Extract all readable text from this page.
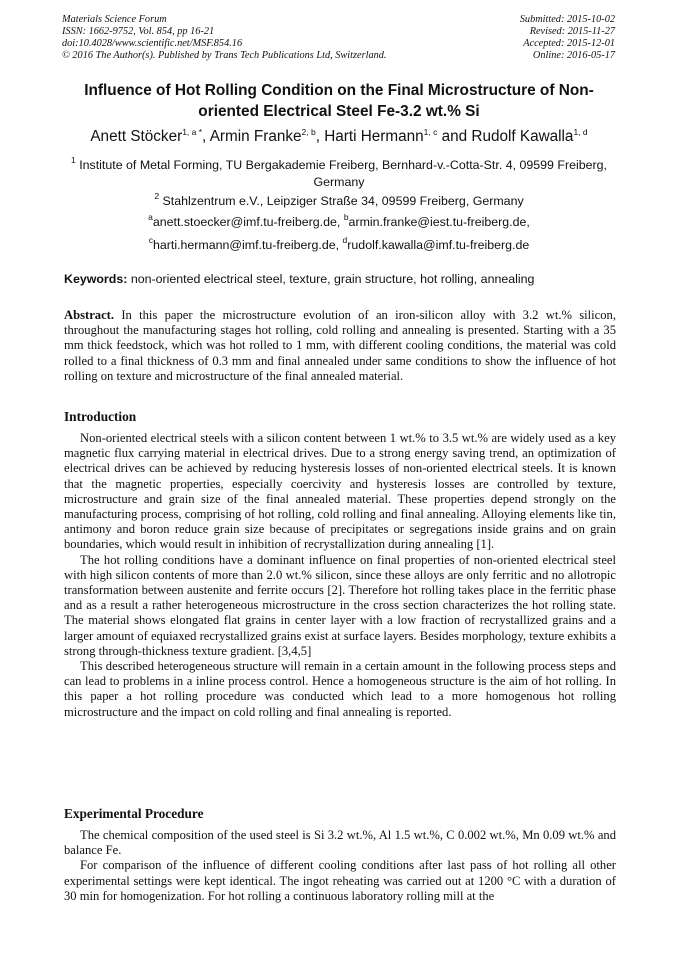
Materials Science Forum
ISSN: 1662-9752, Vol. 854, pp 16-21
doi:10.4028/www.scientific.net/MSF.854.16
© 2016 The Author(s). Published by Trans Tech Publications Ltd, Switzerland.
Submitted: 2015-10-02
Revised: 2015-11-27
Accepted: 2015-12-01
Online: 2016-05-17
Influence of Hot Rolling Condition on the Final Microstructure of Non-oriented Electrical Steel Fe-3.2 wt.% Si
Anett Stöcker$^{1, a *}$, Armin Franke$^{2, b}$, Harti Hermann$^{1, c}$ and Rudolf Kawalla$^{1, d}$
$^1$ Institute of Metal Forming, TU Bergakademie Freiberg, Bernhard-v.-Cotta-Str. 4, 09599 Freiberg, Germany
$^2$ Stahlzentrum e.V., Leipziger Straße 34, 09599 Freiberg, Germany
$^a$anett.stoecker@imf.tu-freiberg.de, $^b$armin.franke@iest.tu-freiberg.de,
$^c$harti.hermann@imf.tu-freiberg.de, $^d$rudolf.kawalla@imf.tu-freiberg.de
Keywords: non-oriented electrical steel, texture, grain structure, hot rolling, annealing
Abstract. In this paper the microstructure evolution of an iron-silicon alloy with 3.2 wt.% silicon, throughout the manufacturing stages hot rolling, cold rolling and annealing is presented. Starting with a 35 mm thick feedstock, which was hot rolled to 1 mm, with different cooling conditions, the material was cold rolled to a final thickness of 0.3 mm and final annealed under same conditions to show the influence of hot rolling on texture and microstructure of the final annealed material.
Introduction

Non-oriented electrical steels with a silicon content between 1 wt.% to 3.5 wt.% are widely used as a key magnetic flux carrying material in electrical drives. Due to a strong energy saving trend, an optimization of electrical drives can be achieved by reducing hysteresis losses of non-oriented electrical steels. It is known that the magnetic properties, especially coercivity and hysteresis losses are controlled by texture, microstructure and grain size of the final annealed material. These properties depend strongly on the manufacturing process, comprising of hot rolling, cold rolling and final annealing. Alloying elements like tin, antimony and boron reduce grain size because of precipitates or segregations inside grains and on grain boundaries, which would result in inhibition of recrystallization during annealing [1].

The hot rolling conditions have a dominant influence on final properties of non-oriented electrical steel with high silicon contents of more than 2.0 wt.% silicon, since these alloys are only ferritic and no allotropic transformation between austenite and ferrite occurs [2]. Therefore hot rolling takes place in the ferritic phase and as a result a rather heterogeneous microstructure in the cross section characterizes the hot rolling state. The material shows elongated flat grains in center layer with a low fraction of recrystallized grains and a larger amount of equiaxed recrystallized grains exist at surface layers. Besides morphology, texture exhibits a strong through-thickness texture gradient. [3,4,5]

This described heterogeneous structure will remain in a certain amount in the following process steps and can lead to problems in a inline process control. Hence a homogeneous structure is the aim of hot rolling. In this paper a hot rolling procedure was conducted which lead to a more homogenous hot rolling microstructure and the impact on cold rolling and final annealing is reported.

Experimental Procedure

The chemical composition of the used steel is Si 3.2 wt.%, Al 1.5 wt.%, C 0.002 wt.%, Mn 0.09 wt.% and balance Fe.

For comparison of the influence of different cooling conditions after last pass of hot rolling all other experimental settings were kept identical. The ingot reheating was carried out at 1200 °C with a duration of 30 min for homogenization. For hot rolling a continuous laboratory rolling mill at the
